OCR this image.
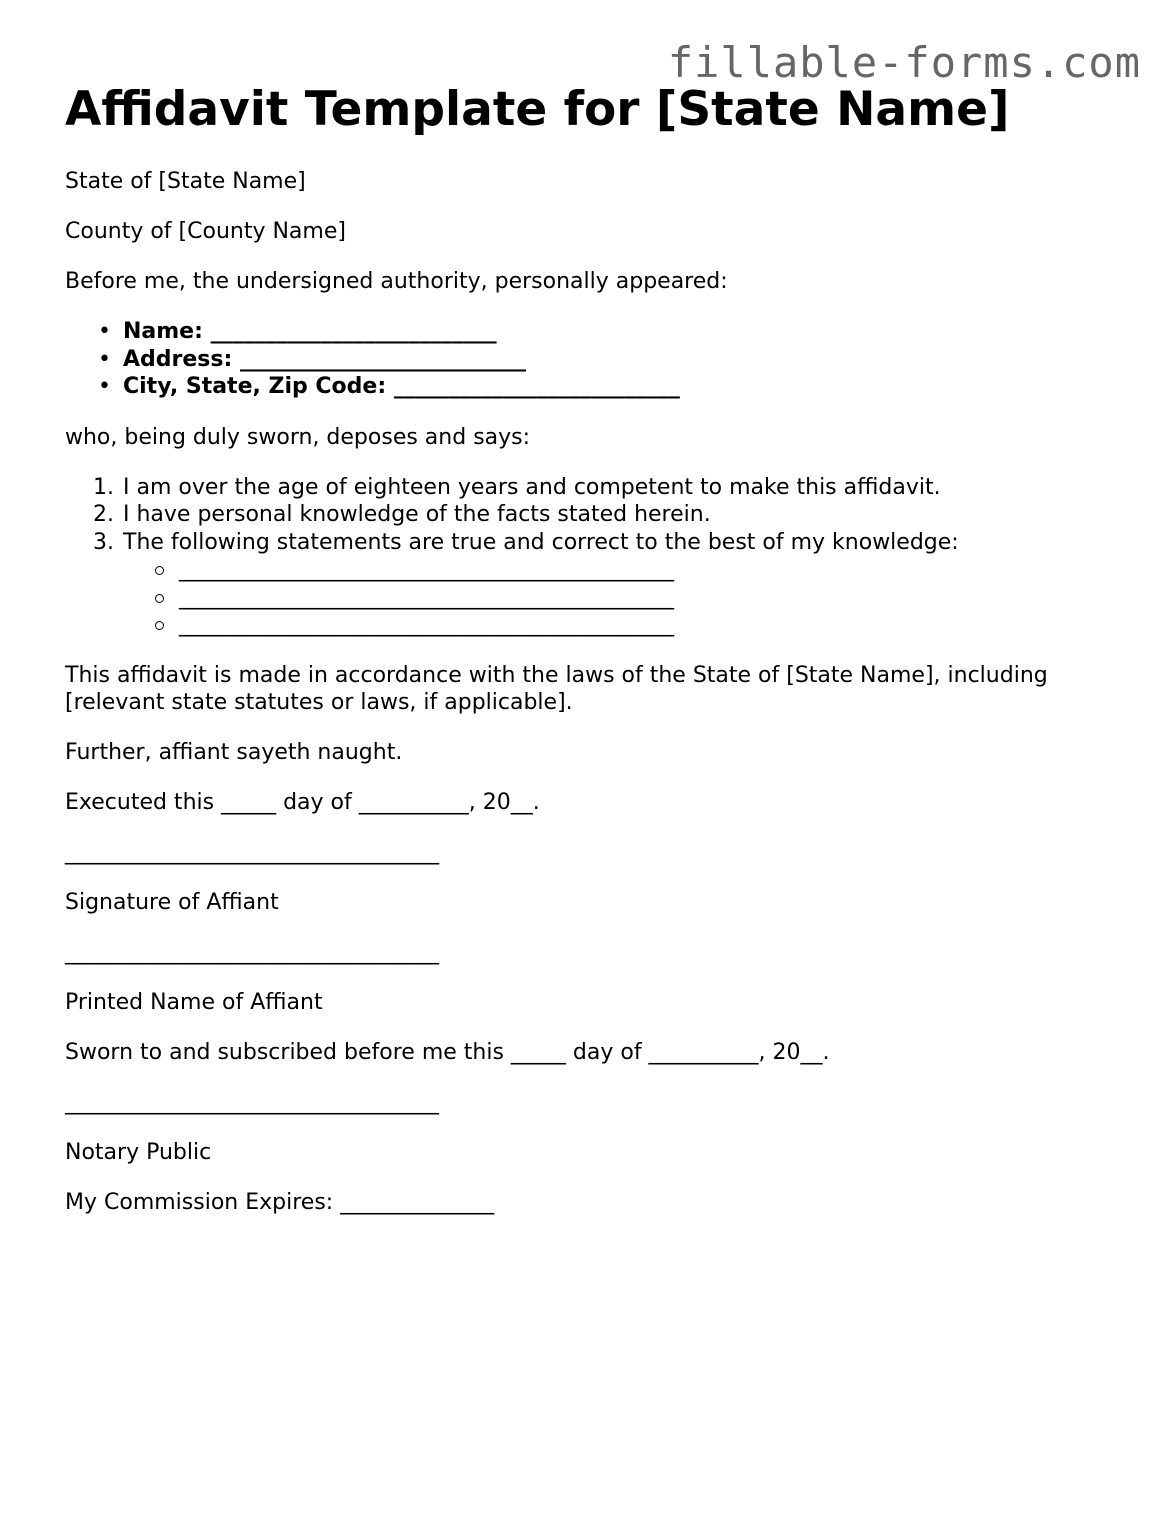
fillable-forms.com
Affidavit Template for [State Name]

State of [State Name]

County of [County Name]

Before me, the undersigned authority, personally appeared:

• Name: __________________________
• Address: __________________________
• City, State, Zip Code: __________________________

who, being duly sworn, deposes and says:

1. I am over the age of eighteen years and competent to make this affidavit.
2. I have personal knowledge of the facts stated herein.
3. The following statements are true and correct to the best of my knowledge:
_____________________________________________
_____________________________________________
_____________________________________________

This affidavit is made in accordance with the laws of the State of [State Name], including [relevant state statutes or laws, if applicable].

Further, affiant sayeth naught.

Executed this _____ day of __________, 20__.

__________________________________

Signature of Affiant

__________________________________

Printed Name of Affiant

Sworn to and subscribed before me this _____ day of __________, 20__.

__________________________________

Notary Public

My Commission Expires: ______________
